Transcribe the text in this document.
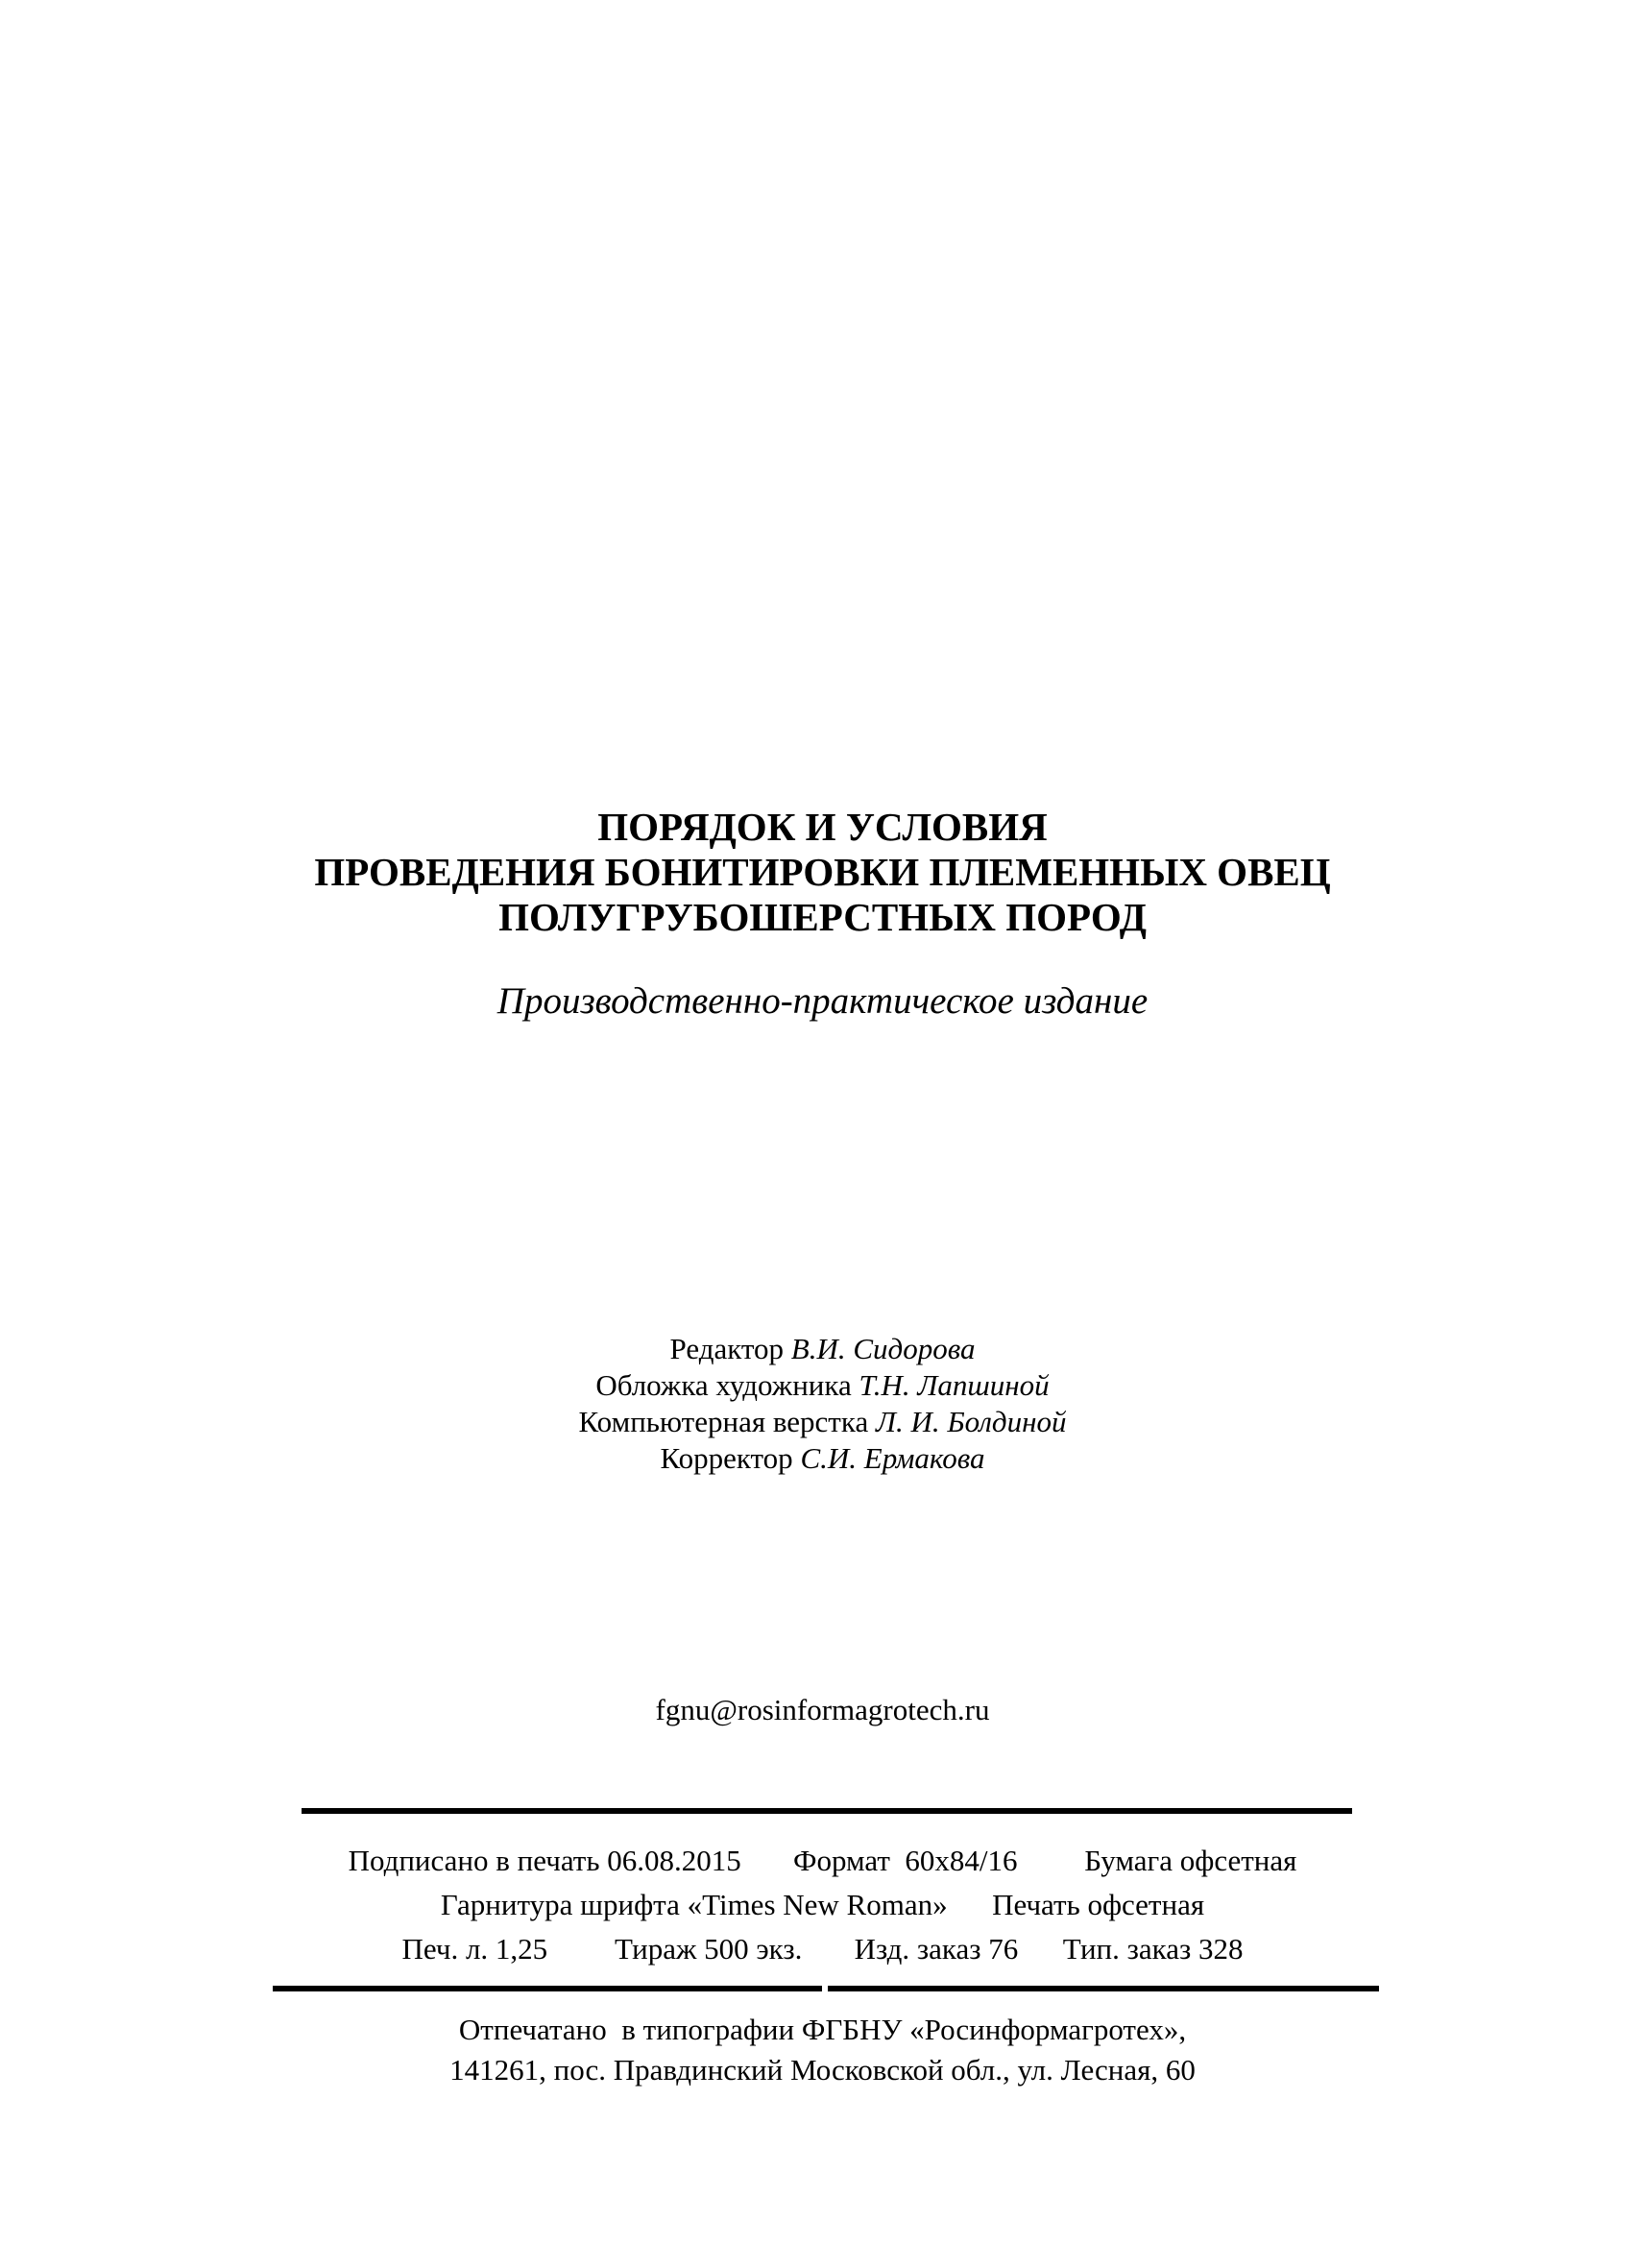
ПОРЯДОК И УСЛОВИЯ
ПРОВЕДЕНИЯ БОНИТИРОВКИ ПЛЕМЕННЫХ ОВЕЦ
ПОЛУГРУБОШЕРСТНЫХ ПОРОД
Производственно-практическое издание
Редактор В.И. Сидорова
Обложка художника Т.Н. Лапшиной
Компьютерная верстка Л. И. Болдиной
Корректор С.И. Ермакова
fgnu@rosinformagrotech.ru
Подписано в печать 06.08.2015 Формат  60х84/16 Бумага офсетная
Гарнитура шрифта «Times New Roman» Печать офсетная
Печ. л. 1,25 Тираж 500 экз. Изд. заказ 76 Тип. заказ 328
Отпечатано  в типографии ФГБНУ «Росинформагротех»,
141261, пос. Правдинский Московской обл., ул. Лесная, 60
